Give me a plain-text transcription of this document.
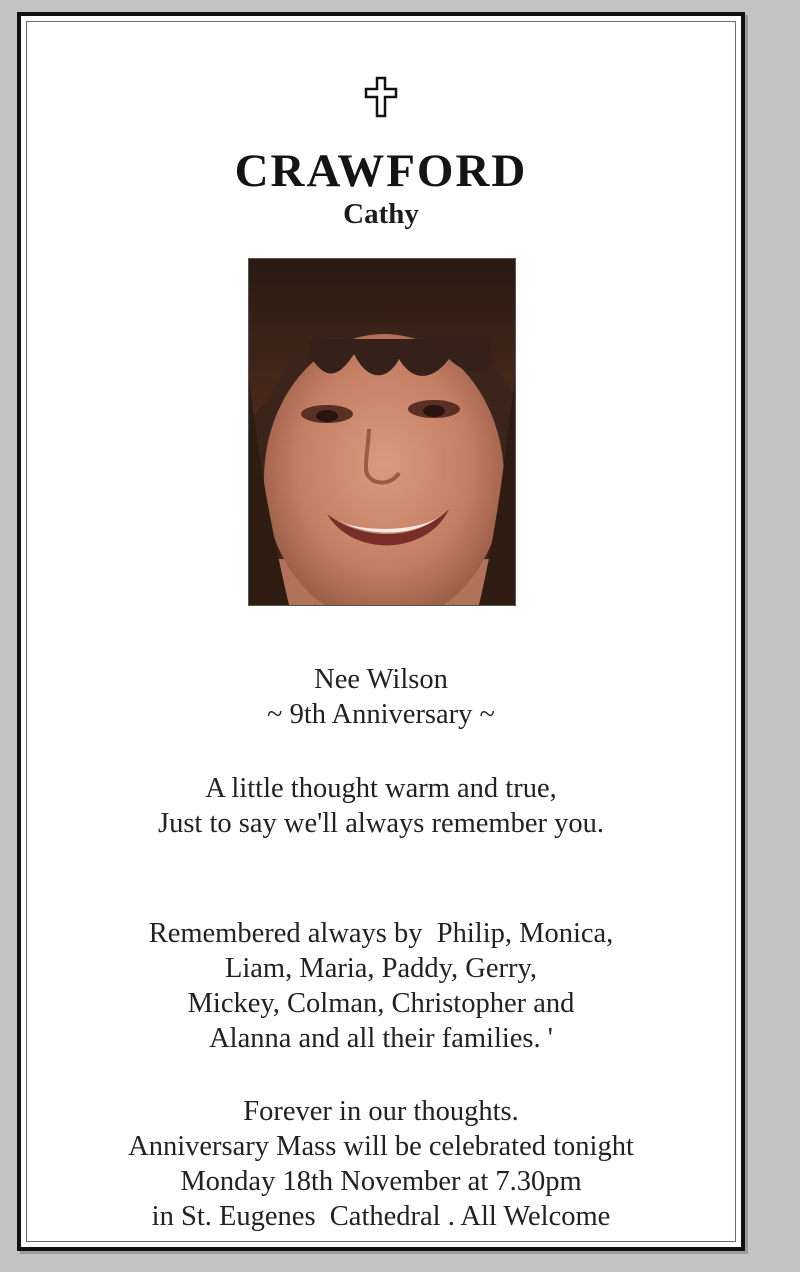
CRAWFORD
Cathy
Nee Wilson
~ 9th Anniversary ~
A little thought warm and true,
Just to say we'll always remember you.
Remembered always by  Philip, Monica,
Liam, Maria, Paddy, Gerry,
Mickey, Colman, Christopher and
Alanna and all their families. '
Forever in our thoughts.
Anniversary Mass will be celebrated tonight
Monday 18th November at 7.30pm
in St. Eugenes  Cathedral . All Welcome
